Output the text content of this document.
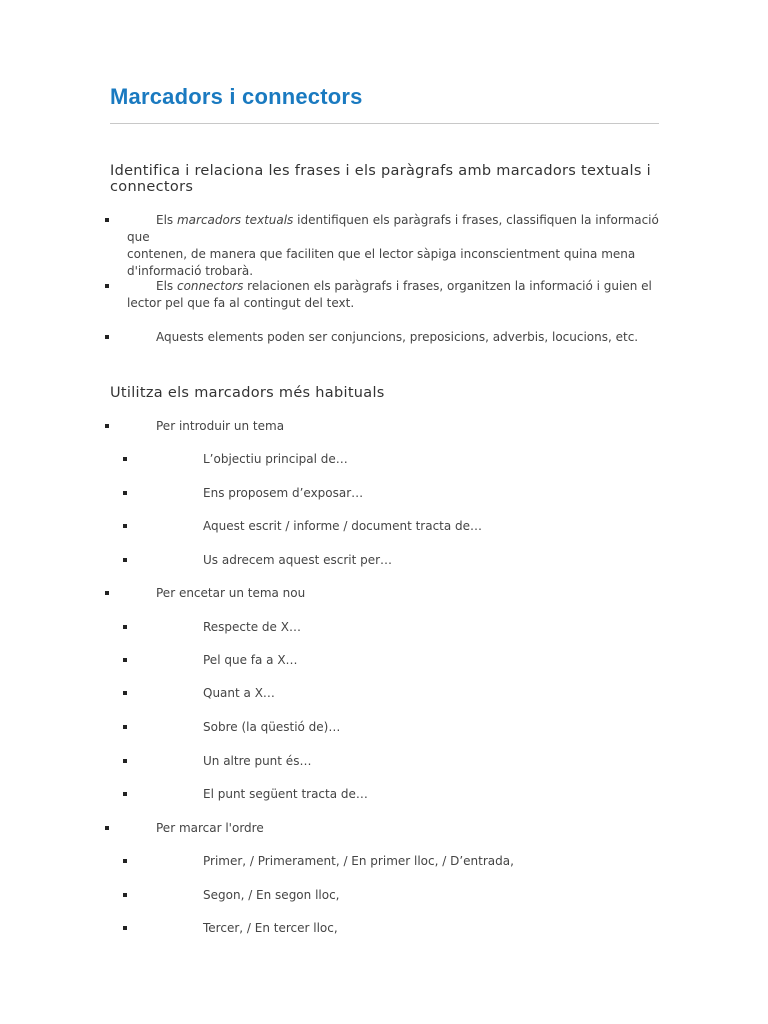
Marcadors i connectors
Identifica i relaciona les frases i els paràgrafs amb marcadors textuals i connectors
Els marcadors textuals identifiquen els paràgrafs i frases, classifiquen la informació que
contenen, de manera que faciliten que el lector sàpiga inconscientment quina mena
d'informació trobarà.
Els connectors relacionen els paràgrafs i frases, organitzen la informació i guien el
lector pel que fa al contingut del text.
Aquests elements poden ser conjuncions, preposicions, adverbis, locucions, etc.
Utilitza els marcadors més habituals
Per introduir un tema
L’objectiu principal de…
Ens proposem d’exposar…
Aquest escrit / informe / document tracta de…
Us adrecem aquest escrit per…
Per encetar un tema nou
Respecte de X…
Pel que fa a X…
Quant a X…
Sobre (la qüestió de)…
Un altre punt és…
El punt següent tracta de…
Per marcar l'ordre
Primer, / Primerament, / En primer lloc, / D’entrada,
Segon, / En segon lloc,
Tercer, / En tercer lloc,
